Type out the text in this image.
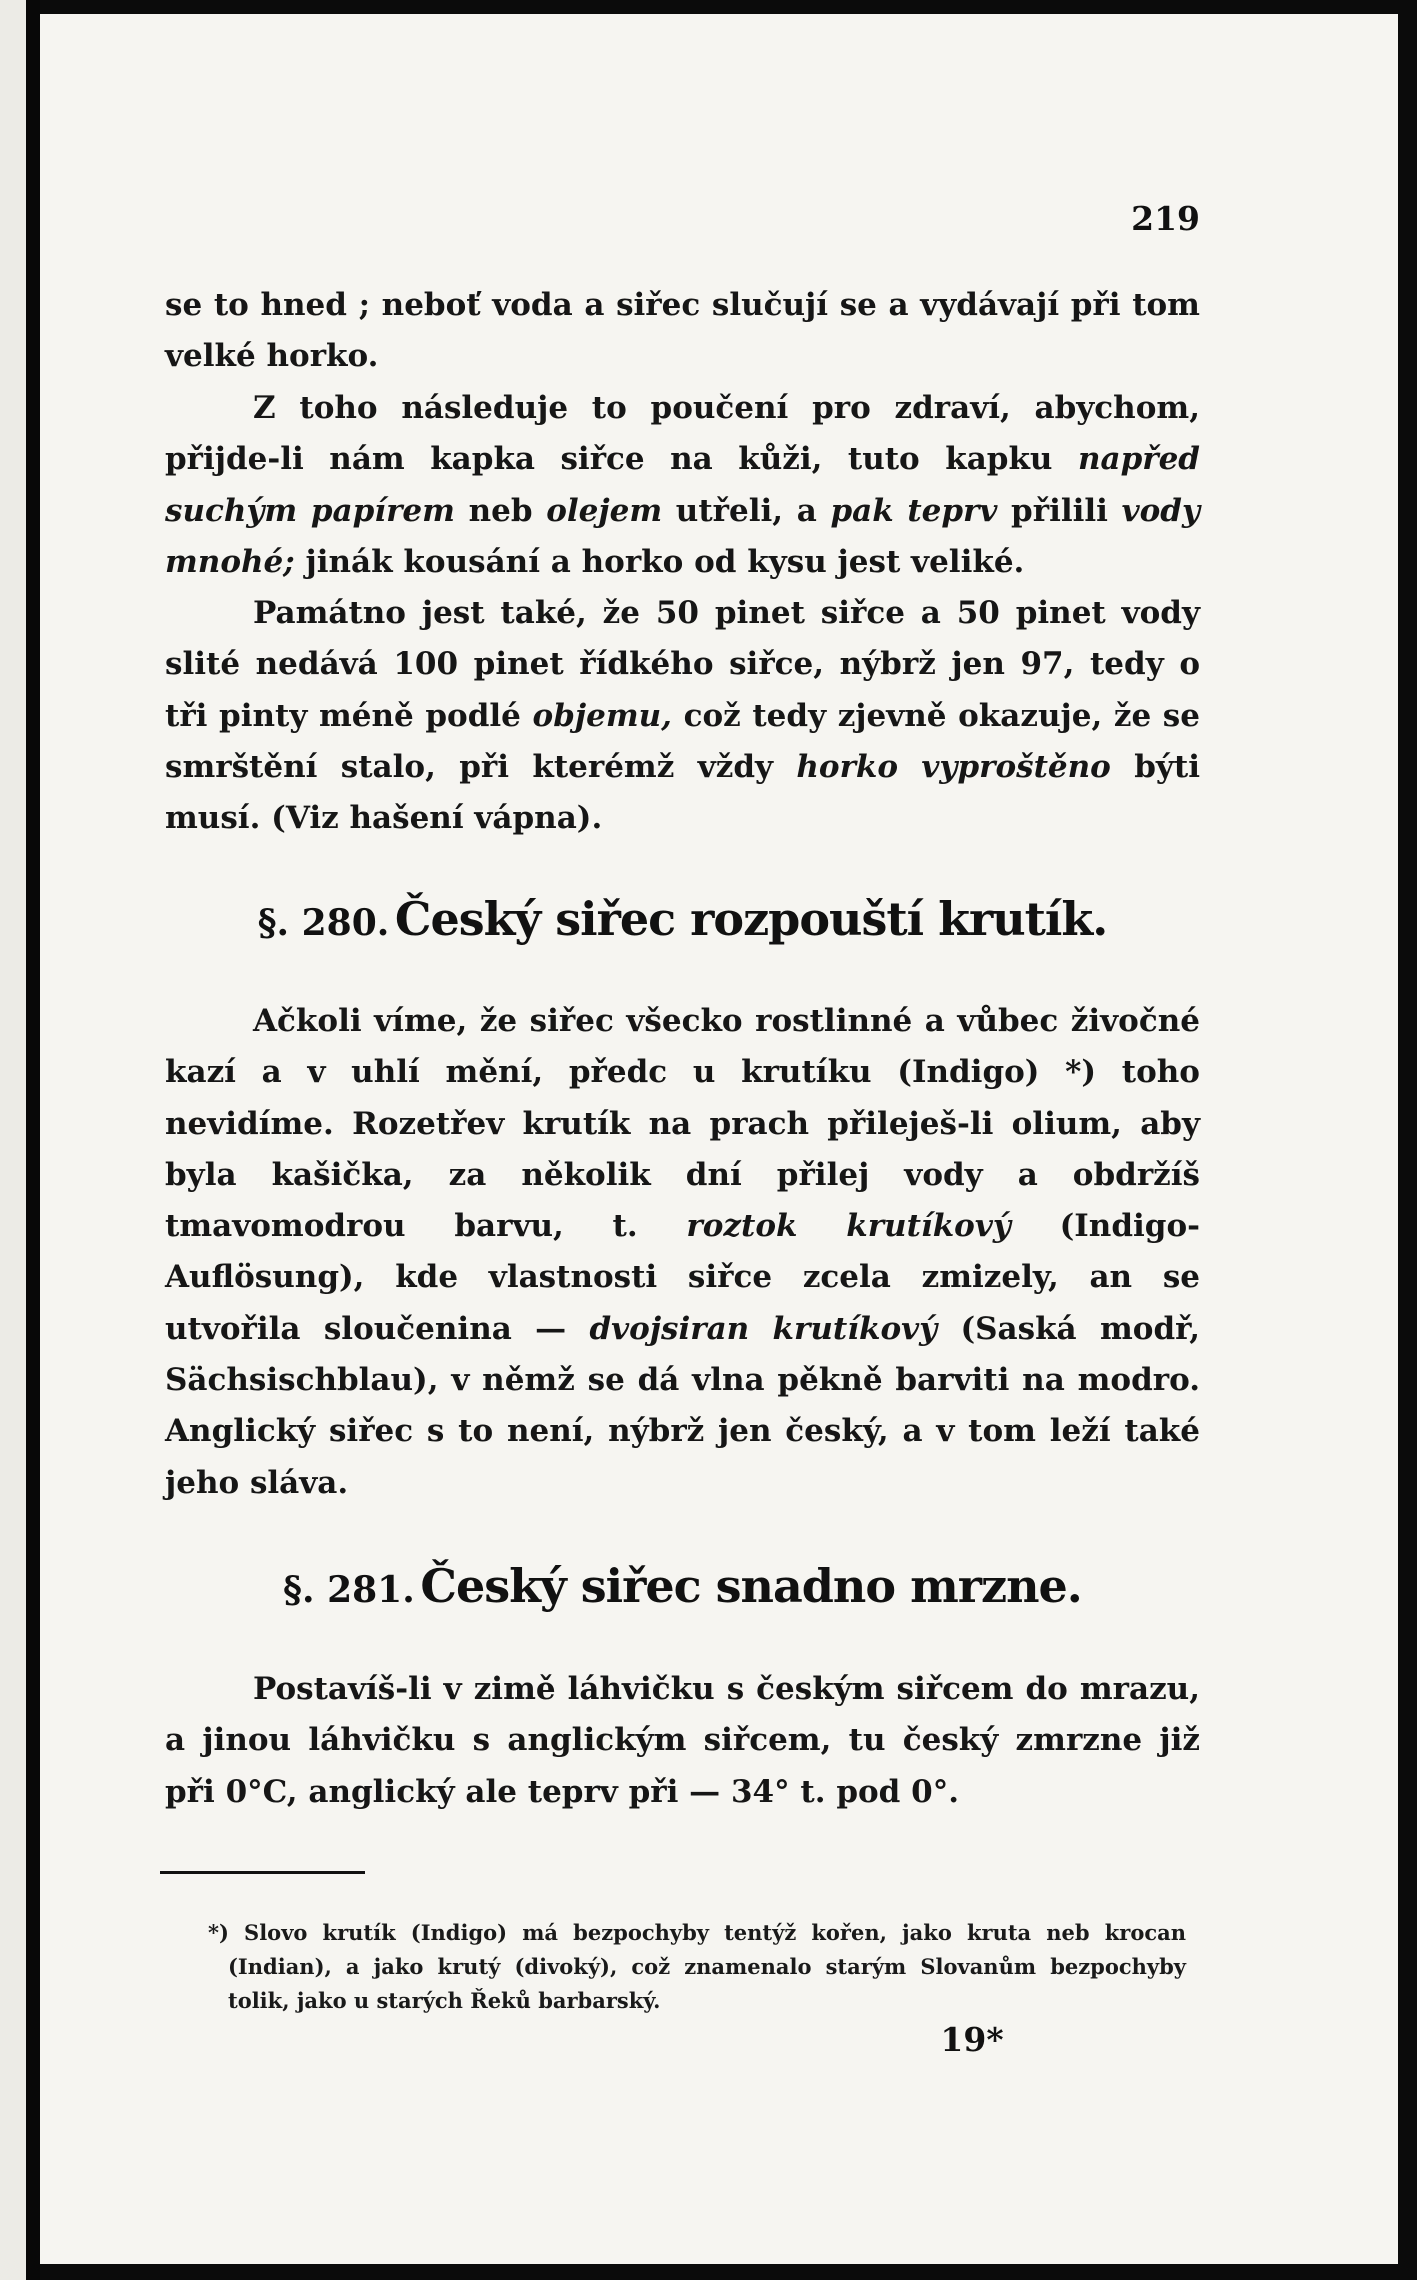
219

se to hned ; neboť voda a siřec slučují se a vydávají při tom velké horko.

Z toho následuje to poučení pro zdraví, abychom, přijde-li nám kapka siřce na kůži, tuto kapku napřed suchým papírem neb olejem utřeli, a pak teprv přilili vody mnohé; jinák kousání a horko od kysu jest veliké.

Památno jest také, že 50 pinet siřce a 50 pinet vody slité nedává 100 pinet řídkého siřce, nýbrž jen 97, tedy o tři pinty méně podlé objemu, což tedy zjevně okazuje, že se smrštění stalo, při kterémž vždy horko vyproštěno býti musí. (Viz hašení vápna).

§. 280. Český siřec rozpouští krutík.

Ačkoli víme, že siřec všecko rostlinné a vůbec živočné kazí a v uhlí mění, předc u krutíku (Indigo) *) toho nevidíme. Rozetřev krutík na prach přileješ-li olium, aby byla kašička, za několik dní přilej vody a obdržíš tmavomodrou barvu, t. roztok krutíkový (Indigo-Auflösung), kde vlastnosti siřce zcela zmizely, an se utvořila sloučenina — dvojsiran krutíkový (Saská modř, Sächsischblau), v němž se dá vlna pěkně barviti na modro. Anglický siřec s to není, nýbrž jen český, a v tom leží také jeho sláva.

§. 281. Český siřec snadno mrzne.

Postavíš-li v zimě láhvičku s českým siřcem do mrazu, a jinou láhvičku s anglickým siřcem, tu český zmrzne již při 0°C, anglický ale teprv při — 34° t. pod 0°.

*) Slovo krutík (Indigo) má bezpochyby tentýž kořen, jako kruta neb krocan (Indian), a jako krutý (divoký), což znamenalo starým Slovanům bezpochyby tolik, jako u starých Řeků barbarský.

19*
